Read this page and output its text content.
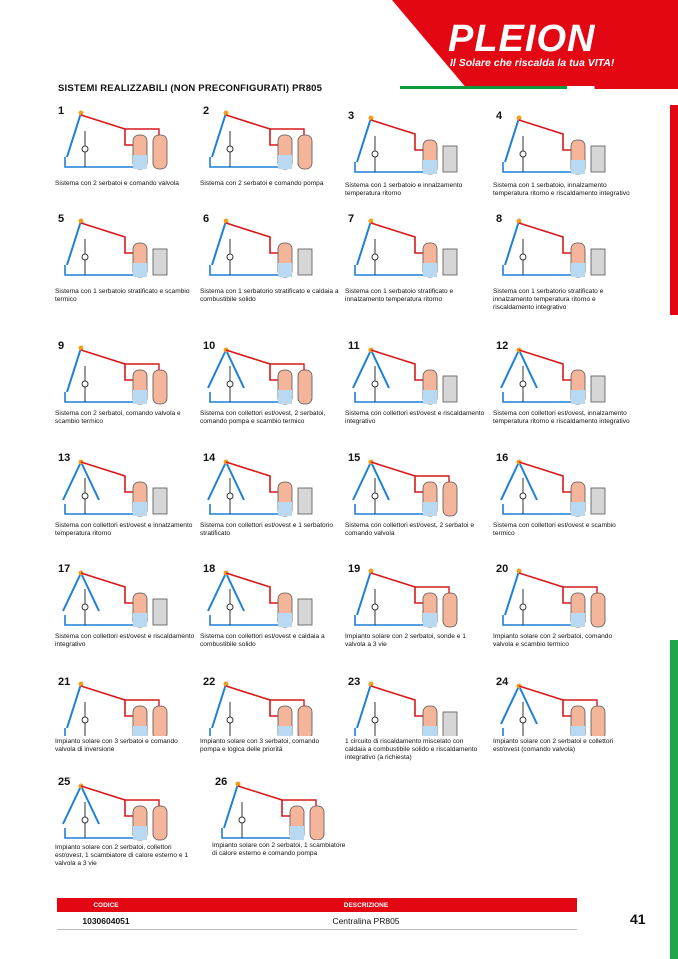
PLEION
Il Solare che riscalda la tua VITA!
SISTEMI REALIZZABILI (NON PRECONFIGURATI) PR805
1
Sistema con 2 serbatoi e comando valvola
2
Sistema con 2 serbatoi e comando pompa
3
Sistema con 1 serbatoio e innalzamento temperatura ritorno
4
Sistema con 1 serbatoio, innalzamento temperatura ritorno e riscaldamento integrativo
5
Sistema con 1 serbatoio stratificato e scambio termico
6
Sistema con 1 serbatorio stratificato e caldaia a combustibile solido
7
Sistema con 1 serbatoio stratificato e innalzamento temperatura ritorno
8
Sistema con 1 serbatorio stratificato e innalzamento temperatura ritorno e riscaldamento integrativo
9
Sistema con 2 serbatoi, comando valvola e scambio termico
10
Sistema con collettori est/ovest, 2 serbatoi, comando pompa e scambio termico
11
Sistema con collettori est/ovest e riscaldamento integrativo
12
Sistema con collettori est/ovest, innalzamento temperatura ritorno e riscaldamento integrativo
13
Sistema con collettori est/ovest e innalzamento temperatura ritorno
14
Sistema con collettori est/ovest e 1 serbatorio stratificato
15
Sistema con collettori est/ovest, 2 serbatoi e comando valvola
16
Sistema con collettori est/ovest e scambio termico
17
Sistema con collettori est/ovest e riscaldamento integrativo
18
Sistema con collettori est/ovest e caldaia a combustibile solido
19
Impianto solare con 2 serbatoi, sonde e 1 valvola a 3 vie
20
Impianto solare con 2 serbatoi, comando valvola e scambio termico
21
Impianto solare con 3 serbatoi e comando valvola di inversione
22
Impianto solare con 3 serbatoi, comando pompa e logica delle priorità
23
1 circuito di riscaldamento miscelato con caldaia a combustibile solido e riscaldamento integrativo (a richiesta)
24
Impianto solare con 2 serbatoi e collettori est/ovest (comando valvola)
25
Impianto solare con 2 serbatoi, collettori est/ovest, 1 scambiatore di calore esterno e 1 valvola a 3 vie
26
Impianto solare con 2 serbatoi, 1 scambiatore di calore esterno e comando pompa
CODICE	DESCRIZIONE
1030604051	Centralina PR805	41
